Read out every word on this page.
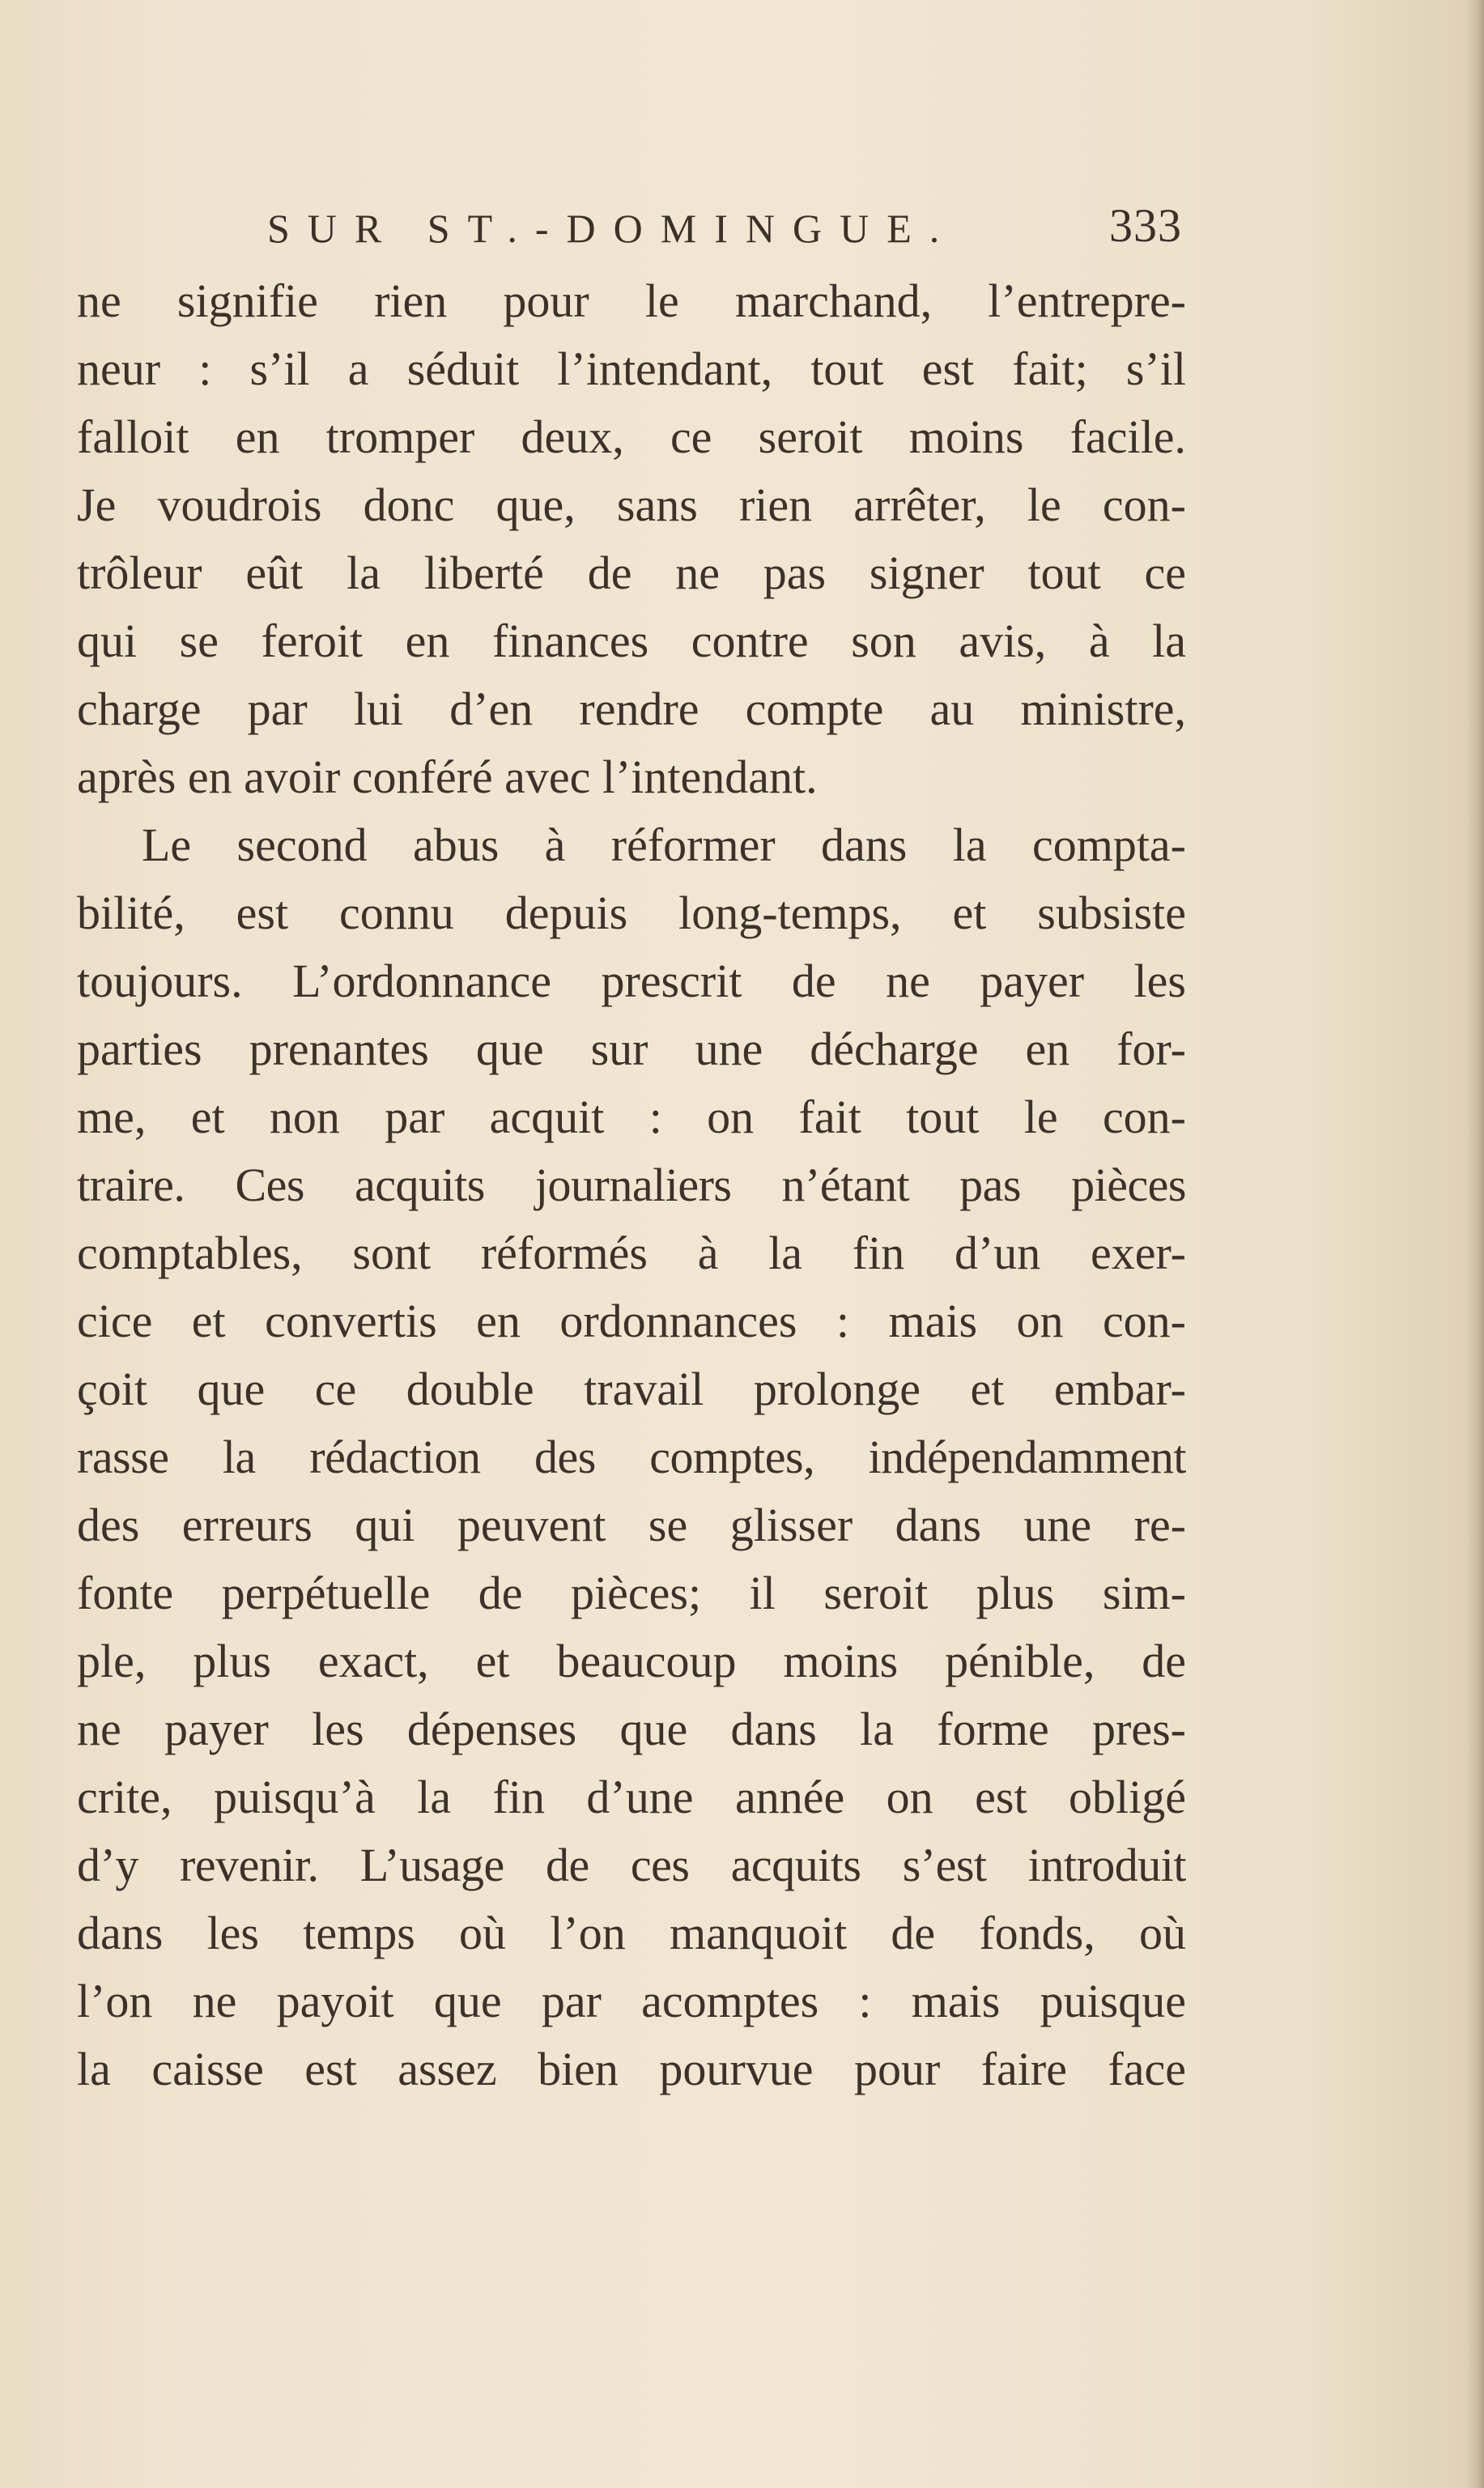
SUR ST.-DOMINGUE.	333
ne signifie rien pour le marchand, l’entrepre-
neur : s’il a séduit l’intendant, tout est fait; s’il
falloit en tromper deux, ce seroit moins facile.
Je voudrois donc que, sans rien arrêter, le con-
trôleur eût la liberté de ne pas signer tout ce
qui se feroit en finances contre son avis, à la
charge par lui d’en rendre compte au ministre,
après en avoir conféré avec l’intendant.
Le second abus à réformer dans la compta-
bilité, est connu depuis long-temps, et subsiste
toujours. L’ordonnance prescrit de ne payer les
parties prenantes que sur une décharge en for-
me, et non par acquit : on fait tout le con-
traire. Ces acquits journaliers n’étant pas pièces
comptables, sont réformés à la fin d’un exer-
cice et convertis en ordonnances : mais on con-
çoit que ce double travail prolonge et embar-
rasse la rédaction des comptes, indépendamment
des erreurs qui peuvent se glisser dans une re-
fonte perpétuelle de pièces; il seroit plus sim-
ple, plus exact, et beaucoup moins pénible, de
ne payer les dépenses que dans la forme pres-
crite, puisqu’à la fin d’une année on est obligé
d’y revenir. L’usage de ces acquits s’est introduit
dans les temps où l’on manquoit de fonds, où
l’on ne payoit que par acomptes : mais puisque
la caisse est assez bien pourvue pour faire face
